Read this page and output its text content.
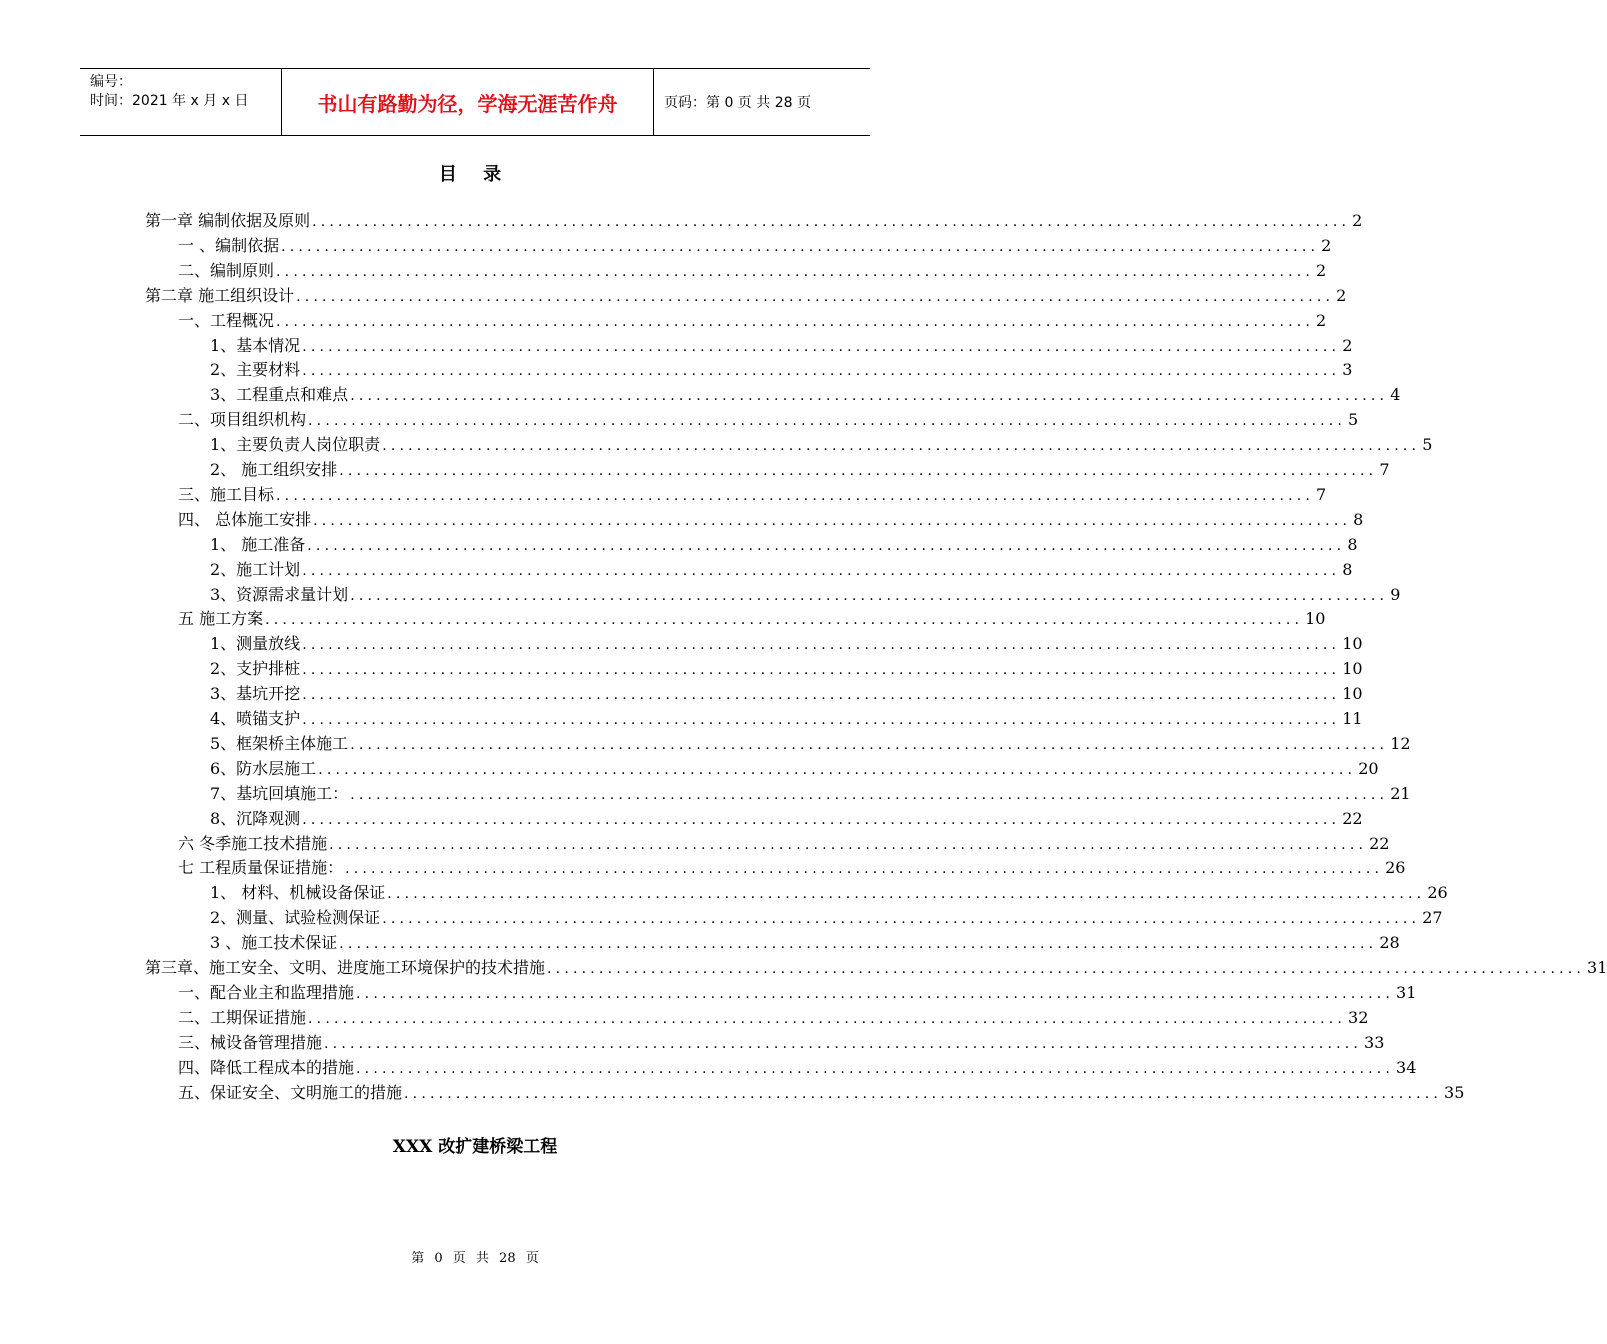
编号：
时间：2021 年 x 月 x 日	书山有路勤为径，学海无涯苦作舟	页码：第 0 页 共 28 页
目 录
第一章 编制依据及原则 ........................................................................................................................ 2
一 、编制依据 ........................................................................................................................ 2
二、编制原则 ........................................................................................................................ 2
第二章 施工组织设计 ........................................................................................................................ 2
一、工程概况 ........................................................................................................................ 2
1、基本情况 ........................................................................................................................ 2
2、主要材料 ........................................................................................................................ 3
3、工程重点和难点 ........................................................................................................................ 4
二、项目组织机构 ........................................................................................................................ 5
1、主要负责人岗位职责 ........................................................................................................................ 5
2、 施工组织安排 ........................................................................................................................ 7
三、施工目标 ........................................................................................................................ 7
四、 总体施工安排 ........................................................................................................................ 8
1、 施工准备 ........................................................................................................................ 8
2、施工计划 ........................................................................................................................ 8
3、资源需求量计划 ........................................................................................................................ 9
五 施工方案 ........................................................................................................................ 10
1、测量放线 ........................................................................................................................ 10
2、支护排桩 ........................................................................................................................ 10
3、基坑开挖 ........................................................................................................................ 10
4、喷锚支护 ........................................................................................................................ 11
5、框架桥主体施工 ........................................................................................................................ 12
6、防水层施工 ........................................................................................................................ 20
7、基坑回填施工： ........................................................................................................................ 21
8、沉降观测 ........................................................................................................................ 22
六 冬季施工技术措施 ........................................................................................................................ 22
七 工程质量保证措施： ........................................................................................................................ 26
1、 材料、机械设备保证 ........................................................................................................................ 26
2、测量、试验检测保证 ........................................................................................................................ 27
3 、施工技术保证 ........................................................................................................................ 28
第三章、施工安全、文明、进度施工环境保护的技术措施 ........................................................................................................................ 31
一、配合业主和监理措施 ........................................................................................................................ 31
二、工期保证措施 ........................................................................................................................ 32
三、械设备管理措施 ........................................................................................................................ 33
四、降低工程成本的措施 ........................................................................................................................ 34
五、保证安全、文明施工的措施 ........................................................................................................................ 35
XXX 改扩建桥梁工程
第 0 页 共 28 页
